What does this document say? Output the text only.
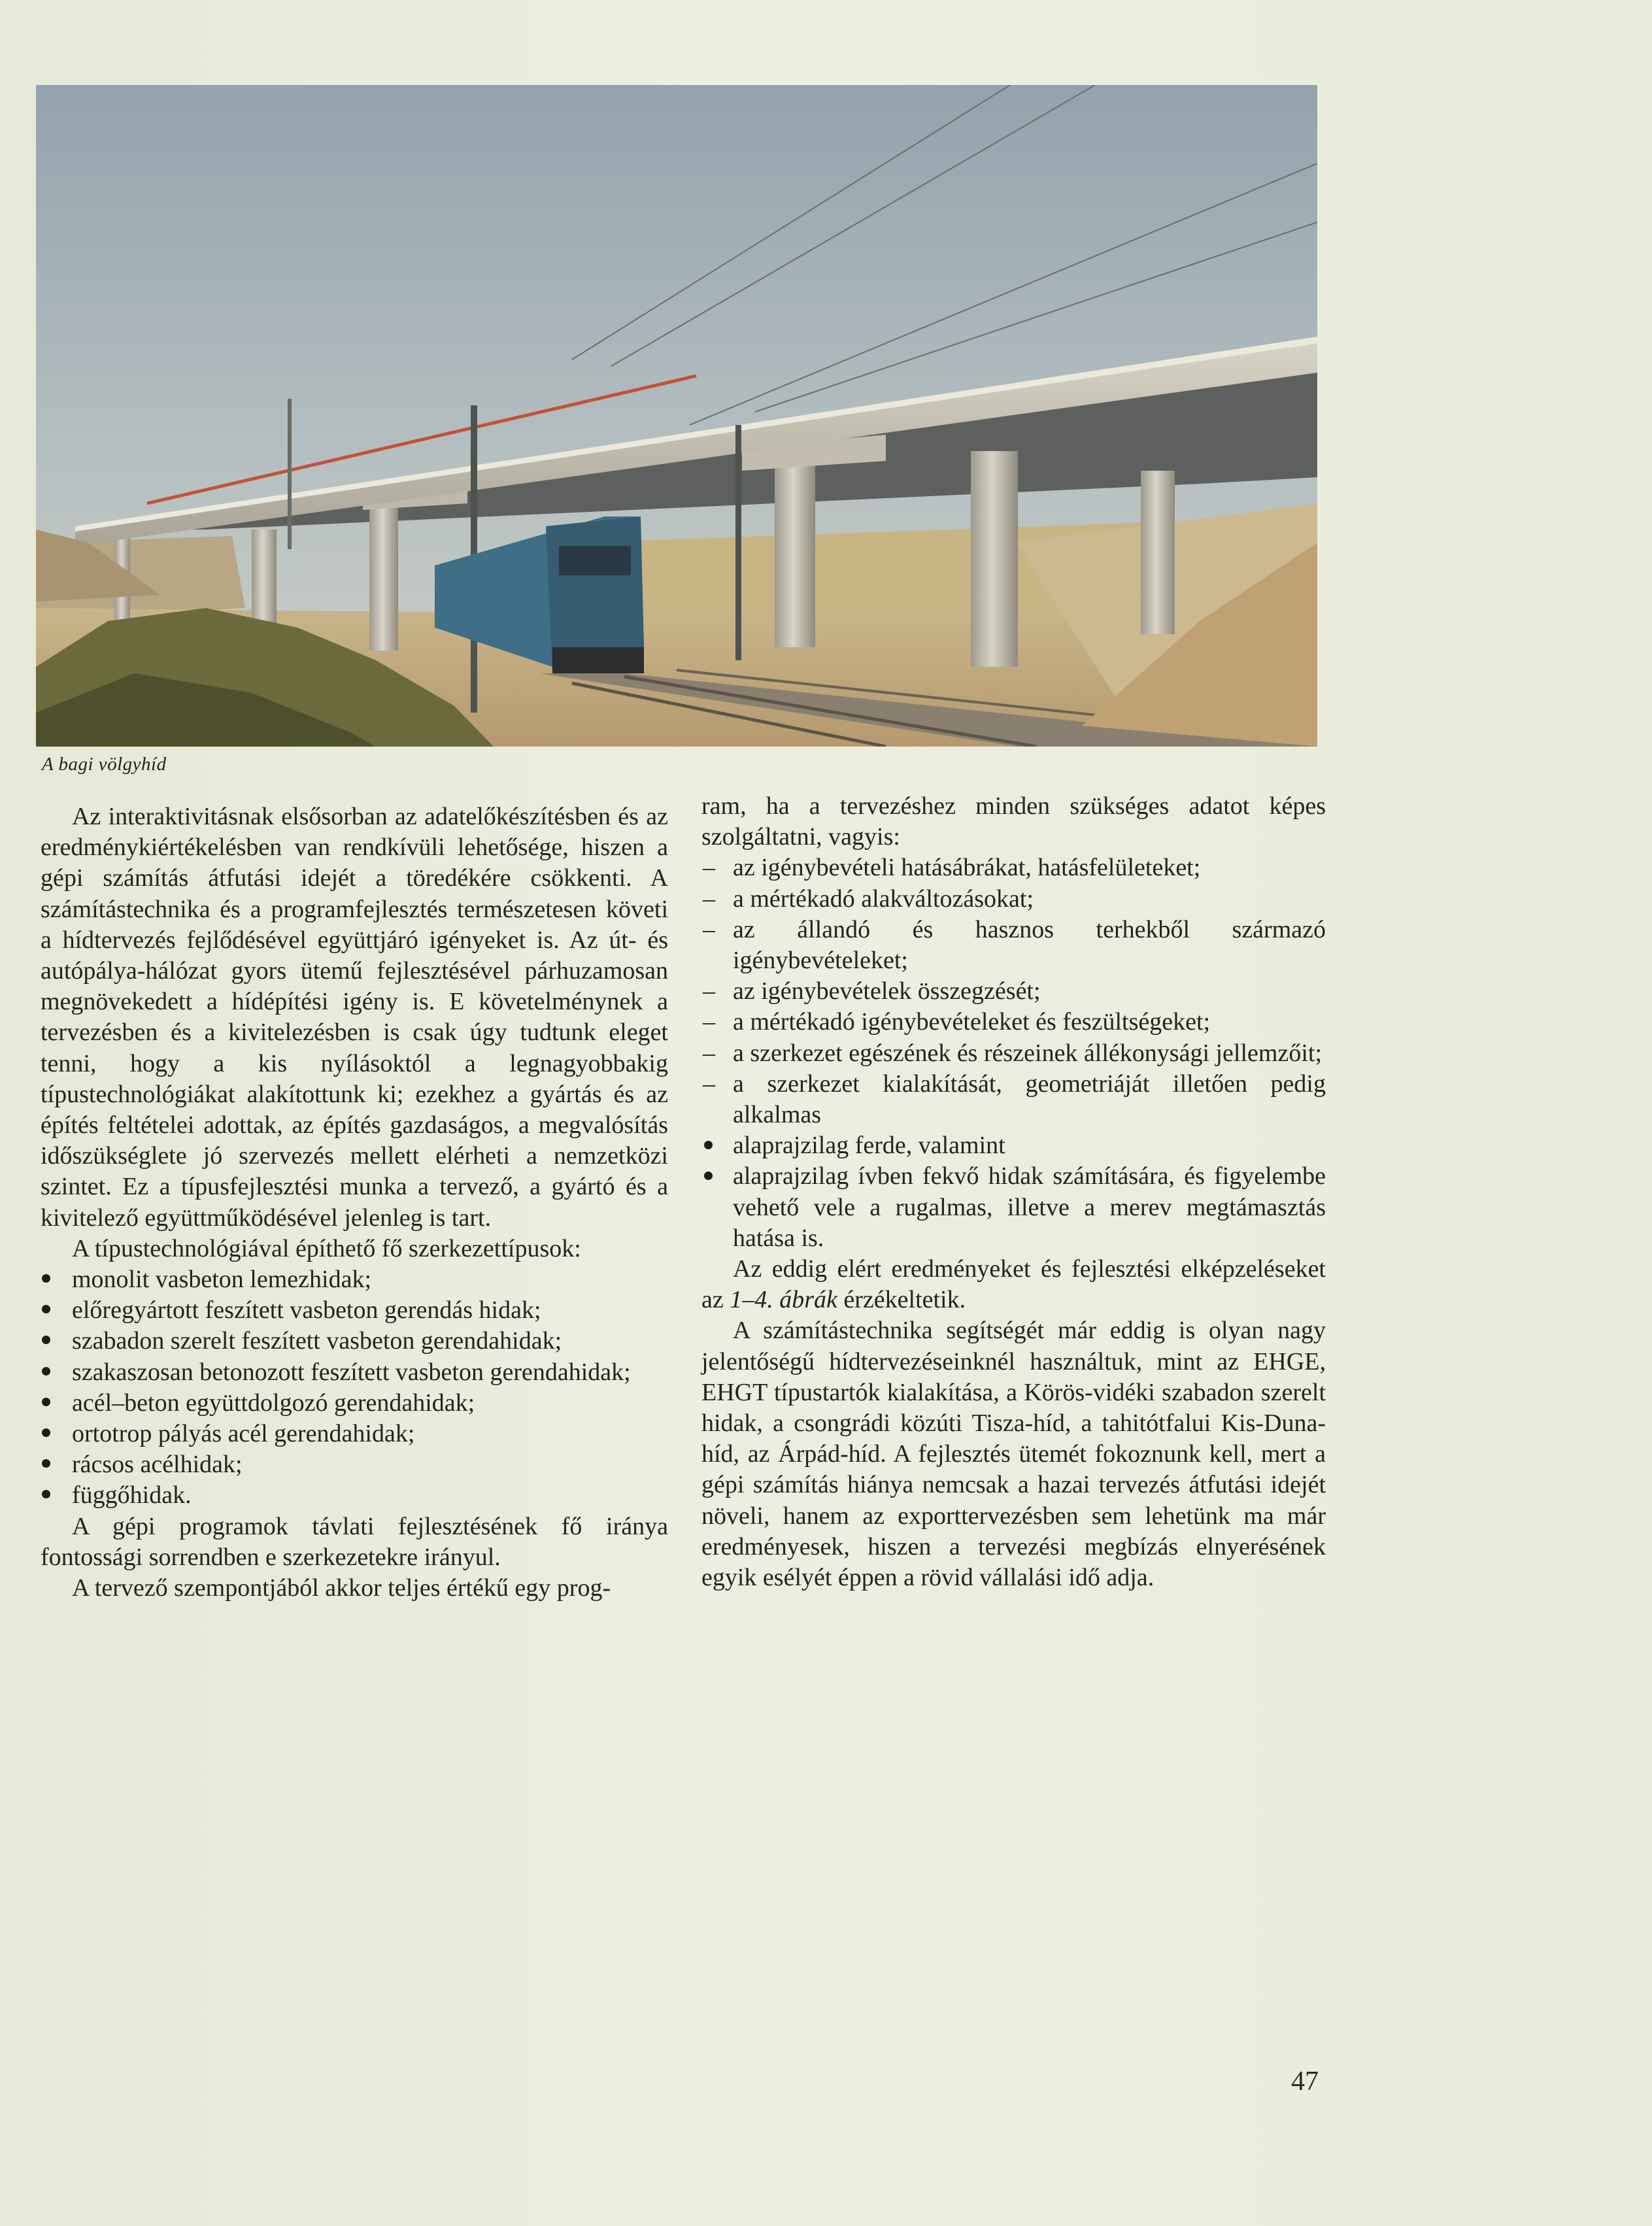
A bagi völgyhíd

Az interaktivitásnak elsősorban az adatelőkészítésben és az eredménykiértékelésben van rendkívüli lehetősége, hiszen a gépi számítás átfutási idejét a töredékére csökkenti. A számítástechnika és a programfejlesztés természetesen követi a hídtervezés fejlődésével együttjáró igényeket is. Az út- és autópálya-hálózat gyors ütemű fejlesztésével párhuzamosan megnövekedett a hídépítési igény is. E követelménynek a tervezésben és a kivitelezésben is csak úgy tudtunk eleget tenni, hogy a kis nyílásoktól a legnagyobbakig típustechnológiákat alakítottunk ki; ezekhez a gyártás és az építés feltételei adottak, az építés gazdaságos, a megvalósítás időszükséglete jó szervezés mellett elérheti a nemzetközi szintet. Ez a típusfejlesztési munka a tervező, a gyártó és a kivitelező együttműködésével jelenleg is tart.

A típustechnológiával építhető fő szerkezettípusok:

monolit vasbeton lemezhidak;
előregyártott feszített vasbeton gerendás hidak;
szabadon szerelt feszített vasbeton gerendahidak;
szakaszosan betonozott feszített vasbeton gerendahidak;
acél–beton együttdolgozó gerendahidak;
ortotrop pályás acél gerendahidak;
rácsos acélhidak;
függőhidak.

A gépi programok távlati fejlesztésének fő iránya fontossági sorrendben e szerkezetekre irányul.

A tervező szempontjából akkor teljes értékű egy prog-

ram, ha a tervezéshez minden szükséges adatot képes szolgáltatni, vagyis:

– az igénybevételi hatásábrákat, hatásfelületeket;
– a mértékadó alakváltozásokat;
– az állandó és hasznos terhekből származó igénybevételeket;
– az igénybevételek összegzését;
– a mértékadó igénybevételeket és feszültségeket;
– a szerkezet egészének és részeinek állékonysági jellemzőit;
– a szerkezet kialakítását, geometriáját illetően pedig alkalmas
alaprajzilag ferde, valamint
alaprajzilag ívben fekvő hidak számítására, és figyelembe vehető vele a rugalmas, illetve a merev megtámasztás hatása is.

Az eddig elért eredményeket és fejlesztési elképzeléseket az 1–4. ábrák érzékeltetik.

A számítástechnika segítségét már eddig is olyan nagy jelentőségű hídtervezéseinknél használtuk, mint az EHGE, EHGT típustartók kialakítása, a Körös-vidéki szabadon szerelt hidak, a csongrádi közúti Tisza-híd, a tahitótfalui Kis-Duna-híd, az Árpád-híd. A fejlesztés ütemét fokoznunk kell, mert a gépi számítás hiánya nemcsak a hazai tervezés átfutási idejét növeli, hanem az exporttervezésben sem lehetünk ma már eredményesek, hiszen a tervezési megbízás elnyerésének egyik esélyét éppen a rövid vállalási idő adja.

47
